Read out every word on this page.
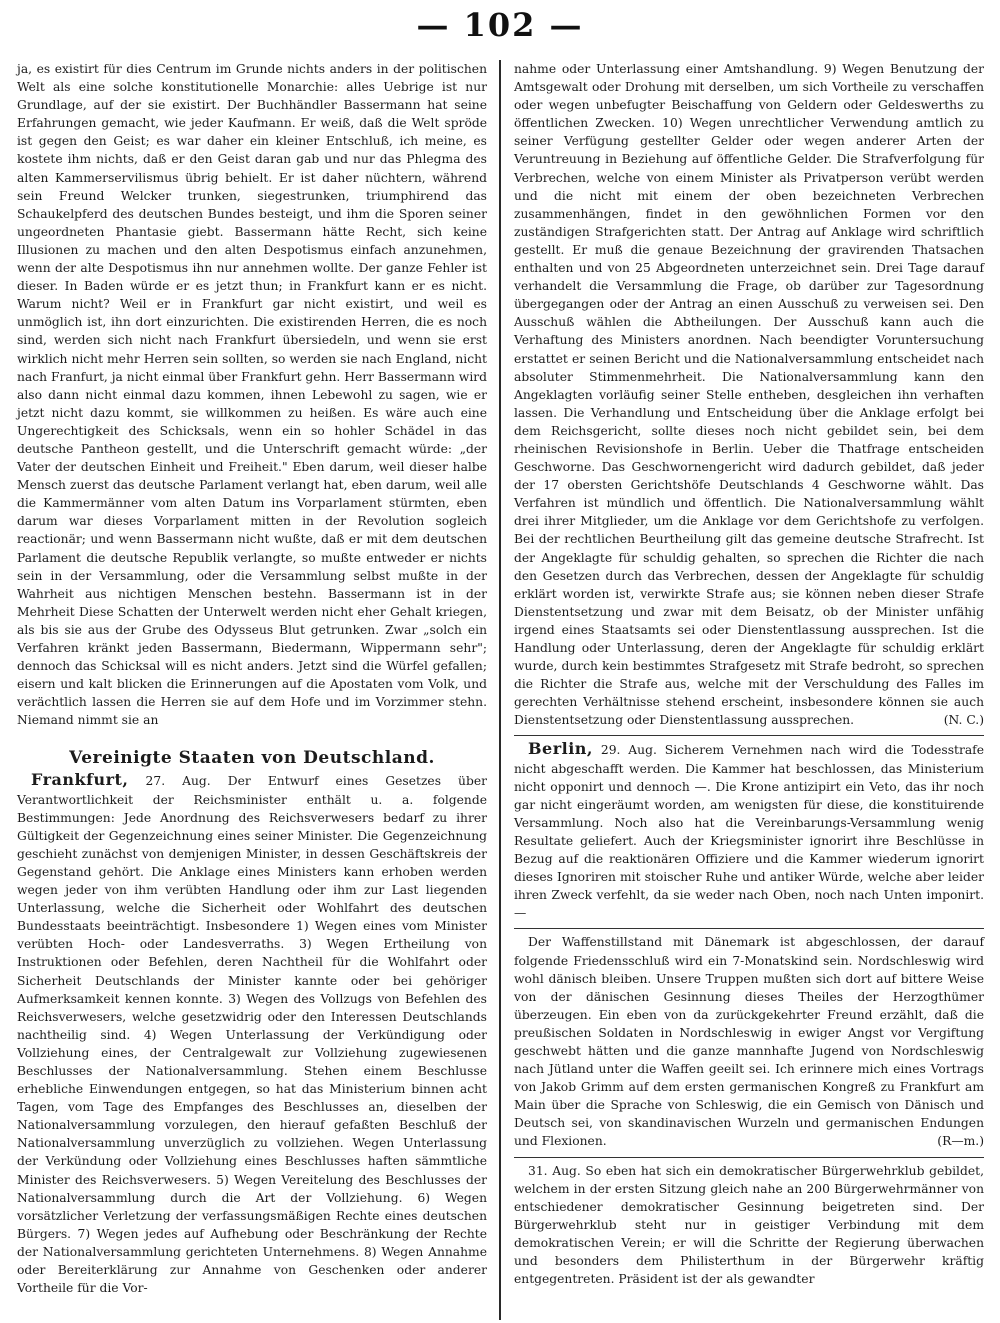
— 102 —

ja, es existirt für dies Centrum im Grunde nichts anders in der politischen Welt als eine solche konstitutionelle Monarchie: alles Uebrige ist nur Grundlage, auf der sie existirt. Der Buchhändler Bassermann hat seine Erfahrungen gemacht, wie jeder Kaufmann. Er weiß, daß die Welt spröde ist gegen den Geist; es war daher ein kleiner Entschluß, ich meine, es kostete ihm nichts, daß er den Geist daran gab und nur das Phlegma des alten Kammerservilismus übrig behielt. Er ist daher nüchtern, während sein Freund Welcker trunken, siegestrunken, triumphirend das Schaukelpferd des deutschen Bundes besteigt, und ihm die Sporen seiner ungeordneten Phantasie giebt. Bassermann hätte Recht, sich keine Illusionen zu machen und den alten Despotismus einfach anzunehmen, wenn der alte Despotismus ihn nur annehmen wollte. Der ganze Fehler ist dieser. In Baden würde er es jetzt thun; in Frankfurt kann er es nicht. Warum nicht? Weil er in Frankfurt gar nicht existirt, und weil es unmöglich ist, ihn dort einzurichten. Die existirenden Herren, die es noch sind, werden sich nicht nach Frankfurt übersiedeln, und wenn sie erst wirklich nicht mehr Herren sein sollten, so werden sie nach England, nicht nach Franfurt, ja nicht einmal über Frankfurt gehn. Herr Bassermann wird also dann nicht einmal dazu kommen, ihnen Lebewohl zu sagen, wie er jetzt nicht dazu kommt, sie willkommen zu heißen. Es wäre auch eine Ungerechtigkeit des Schicksals, wenn ein so hohler Schädel in das deutsche Pantheon gestellt, und die Unterschrift gemacht würde: „der Vater der deutschen Einheit und Freiheit." Eben darum, weil dieser halbe Mensch zuerst das deutsche Parlament verlangt hat, eben darum, weil alle die Kammermänner vom alten Datum ins Vorparlament stürmten, eben darum war dieses Vorparlament mitten in der Revolution sogleich reactionär; und wenn Bassermann nicht wußte, daß er mit dem deutschen Parlament die deutsche Republik verlangte, so mußte entweder er nichts sein in der Versammlung, oder die Versammlung selbst mußte in der Wahrheit aus nichtigen Menschen bestehn. Bassermann ist in der Mehrheit Diese Schatten der Unterwelt werden nicht eher Gehalt kriegen, als bis sie aus der Grube des Odysseus Blut getrunken. Zwar „solch ein Verfahren kränkt jeden Bassermann, Biedermann, Wippermann sehr"; dennoch das Schicksal will es nicht anders. Jetzt sind die Würfel gefallen; eisern und kalt blicken die Erinnerungen auf die Apostaten vom Volk, und verächtlich lassen die Herren sie auf dem Hofe und im Vorzimmer stehn. Niemand nimmt sie an

Vereinigte Staaten von Deutschland.

Frankfurt, 27. Aug. Der Entwurf eines Gesetzes über Verantwortlichkeit der Reichsminister enthält u. a. folgende Bestimmungen: Jede Anordnung des Reichsverwesers bedarf zu ihrer Gültigkeit der Gegenzeichnung eines seiner Minister. Die Gegenzeichnung geschieht zunächst von demjenigen Minister, in dessen Geschäftskreis der Gegenstand gehört. Die Anklage eines Ministers kann erhoben werden wegen jeder von ihm verübten Handlung oder ihm zur Last liegenden Unterlassung, welche die Sicherheit oder Wohlfahrt des deutschen Bundesstaats beeinträchtigt. Insbesondere 1) Wegen eines vom Minister verübten Hoch- oder Landesverraths. 3) Wegen Ertheilung von Instruktionen oder Befehlen, deren Nachtheil für die Wohlfahrt oder Sicherheit Deutschlands der Minister kannte oder bei gehöriger Aufmerksamkeit kennen konnte. 3) Wegen des Vollzugs von Befehlen des Reichsverwesers, welche gesetzwidrig oder den Interessen Deutschlands nachtheilig sind. 4) Wegen Unterlassung der Verkündigung oder Vollziehung eines, der Centralgewalt zur Vollziehung zugewiesenen Beschlusses der Nationalversammlung. Stehen einem Beschlusse erhebliche Einwendungen entgegen, so hat das Ministerium binnen acht Tagen, vom Tage des Empfanges des Beschlusses an, dieselben der Nationalversammlung vorzulegen, den hierauf gefaßten Beschluß der Nationalversammlung unverzüglich zu vollziehen. Wegen Unterlassung der Verkündung oder Vollziehung eines Beschlusses haften sämmtliche Minister des Reichsverwesers. 5) Wegen Vereitelung des Beschlusses der Nationalversammlung durch die Art der Vollziehung. 6) Wegen vorsätzlicher Verletzung der verfassungsmäßigen Rechte eines deutschen Bürgers. 7) Wegen jedes auf Aufhebung oder Beschränkung der Rechte der Nationalversammlung gerichteten Unternehmens. 8) Wegen Annahme oder Bereiterklärung zur Annahme von Geschenken oder anderer Vortheile für die Vor-

nahme oder Unterlassung einer Amtshandlung. 9) Wegen Benutzung der Amtsgewalt oder Drohung mit derselben, um sich Vortheile zu verschaffen oder wegen unbefugter Beischaffung von Geldern oder Geldeswerths zu öffentlichen Zwecken. 10) Wegen unrechtlicher Verwendung amtlich zu seiner Verfügung gestellter Gelder oder wegen anderer Arten der Veruntreuung in Beziehung auf öffentliche Gelder. Die Strafverfolgung für Verbrechen, welche von einem Minister als Privatperson verübt werden und die nicht mit einem der oben bezeichneten Verbrechen zusammenhängen, findet in den gewöhnlichen Formen vor den zuständigen Strafgerichten statt. Der Antrag auf Anklage wird schriftlich gestellt. Er muß die genaue Bezeichnung der gravirenden Thatsachen enthalten und von 25 Abgeordneten unterzeichnet sein. Drei Tage darauf verhandelt die Versammlung die Frage, ob darüber zur Tagesordnung übergegangen oder der Antrag an einen Ausschuß zu verweisen sei. Den Ausschuß wählen die Abtheilungen. Der Ausschuß kann auch die Verhaftung des Ministers anordnen. Nach beendigter Voruntersuchung erstattet er seinen Bericht und die Nationalversammlung entscheidet nach absoluter Stimmenmehrheit. Die Nationalversammlung kann den Angeklagten vorläufig seiner Stelle entheben, desgleichen ihn verhaften lassen. Die Verhandlung und Entscheidung über die Anklage erfolgt bei dem Reichsgericht, sollte dieses noch nicht gebildet sein, bei dem rheinischen Revisionshofe in Berlin. Ueber die Thatfrage entscheiden Geschworne. Das Geschwornengericht wird dadurch gebildet, daß jeder der 17 obersten Gerichtshöfe Deutschlands 4 Geschworne wählt. Das Verfahren ist mündlich und öffentlich. Die Nationalversammlung wählt drei ihrer Mitglieder, um die Anklage vor dem Gerichtshofe zu verfolgen. Bei der rechtlichen Beurtheilung gilt das gemeine deutsche Strafrecht. Ist der Angeklagte für schuldig gehalten, so sprechen die Richter die nach den Gesetzen durch das Verbrechen, dessen der Angeklagte für schuldig erklärt worden ist, verwirkte Strafe aus; sie können neben dieser Strafe Dienstentsetzung und zwar mit dem Beisatz, ob der Minister unfähig irgend eines Staatsamts sei oder Dienstentlassung aussprechen. Ist die Handlung oder Unterlassung, deren der Angeklagte für schuldig erklärt wurde, durch kein bestimmtes Strafgesetz mit Strafe bedroht, so sprechen die Richter die Strafe aus, welche mit der Verschuldung des Falles im gerechten Verhältnisse stehend erscheint, insbesondere können sie auch Dienstentsetzung oder Dienstentlassung aussprechen.	(N. C.)

Berlin, 29. Aug. Sicherem Vernehmen nach wird die Todesstrafe nicht abgeschafft werden. Die Kammer hat beschlossen, das Ministerium nicht opponirt und dennoch —. Die Krone antizipirt ein Veto, das ihr noch gar nicht eingeräumt worden, am wenigsten für diese, die konstituirende Versammlung. Noch also hat die Vereinbarungs-Versammlung wenig Resultate geliefert. Auch der Kriegsminister ignorirt ihre Beschlüsse in Bezug auf die reaktionären Offiziere und die Kammer wiederum ignorirt dieses Ignoriren mit stoischer Ruhe und antiker Würde, welche aber leider ihren Zweck verfehlt, da sie weder nach Oben, noch nach Unten imponirt. —

Der Waffenstillstand mit Dänemark ist abgeschlossen, der darauf folgende Friedensschluß wird ein 7-Monatskind sein. Nordschleswig wird wohl dänisch bleiben. Unsere Truppen mußten sich dort auf bittere Weise von der dänischen Gesinnung dieses Theiles der Herzogthümer überzeugen. Ein eben von da zurückgekehrter Freund erzählt, daß die preußischen Soldaten in Nordschleswig in ewiger Angst vor Vergiftung geschwebt hätten und die ganze mannhafte Jugend von Nordschleswig nach Jütland unter die Waffen geeilt sei. Ich erinnere mich eines Vortrags von Jakob Grimm auf dem ersten germanischen Kongreß zu Frankfurt am Main über die Sprache von Schleswig, die ein Gemisch von Dänisch und Deutsch sei, von skandinavischen Wurzeln und germanischen Endungen und Flexionen.	(R—m.)

31. Aug. So eben hat sich ein demokratischer Bürgerwehrklub gebildet, welchem in der ersten Sitzung gleich nahe an 200 Bürgerwehrmänner von entschiedener demokratischer Gesinnung beigetreten sind. Der Bürgerwehrklub steht nur in geistiger Verbindung mit dem demokratischen Verein; er will die Schritte der Regierung überwachen und besonders dem Philisterthum in der Bürgerwehr kräftig entgegentreten. Präsident ist der als gewandter
